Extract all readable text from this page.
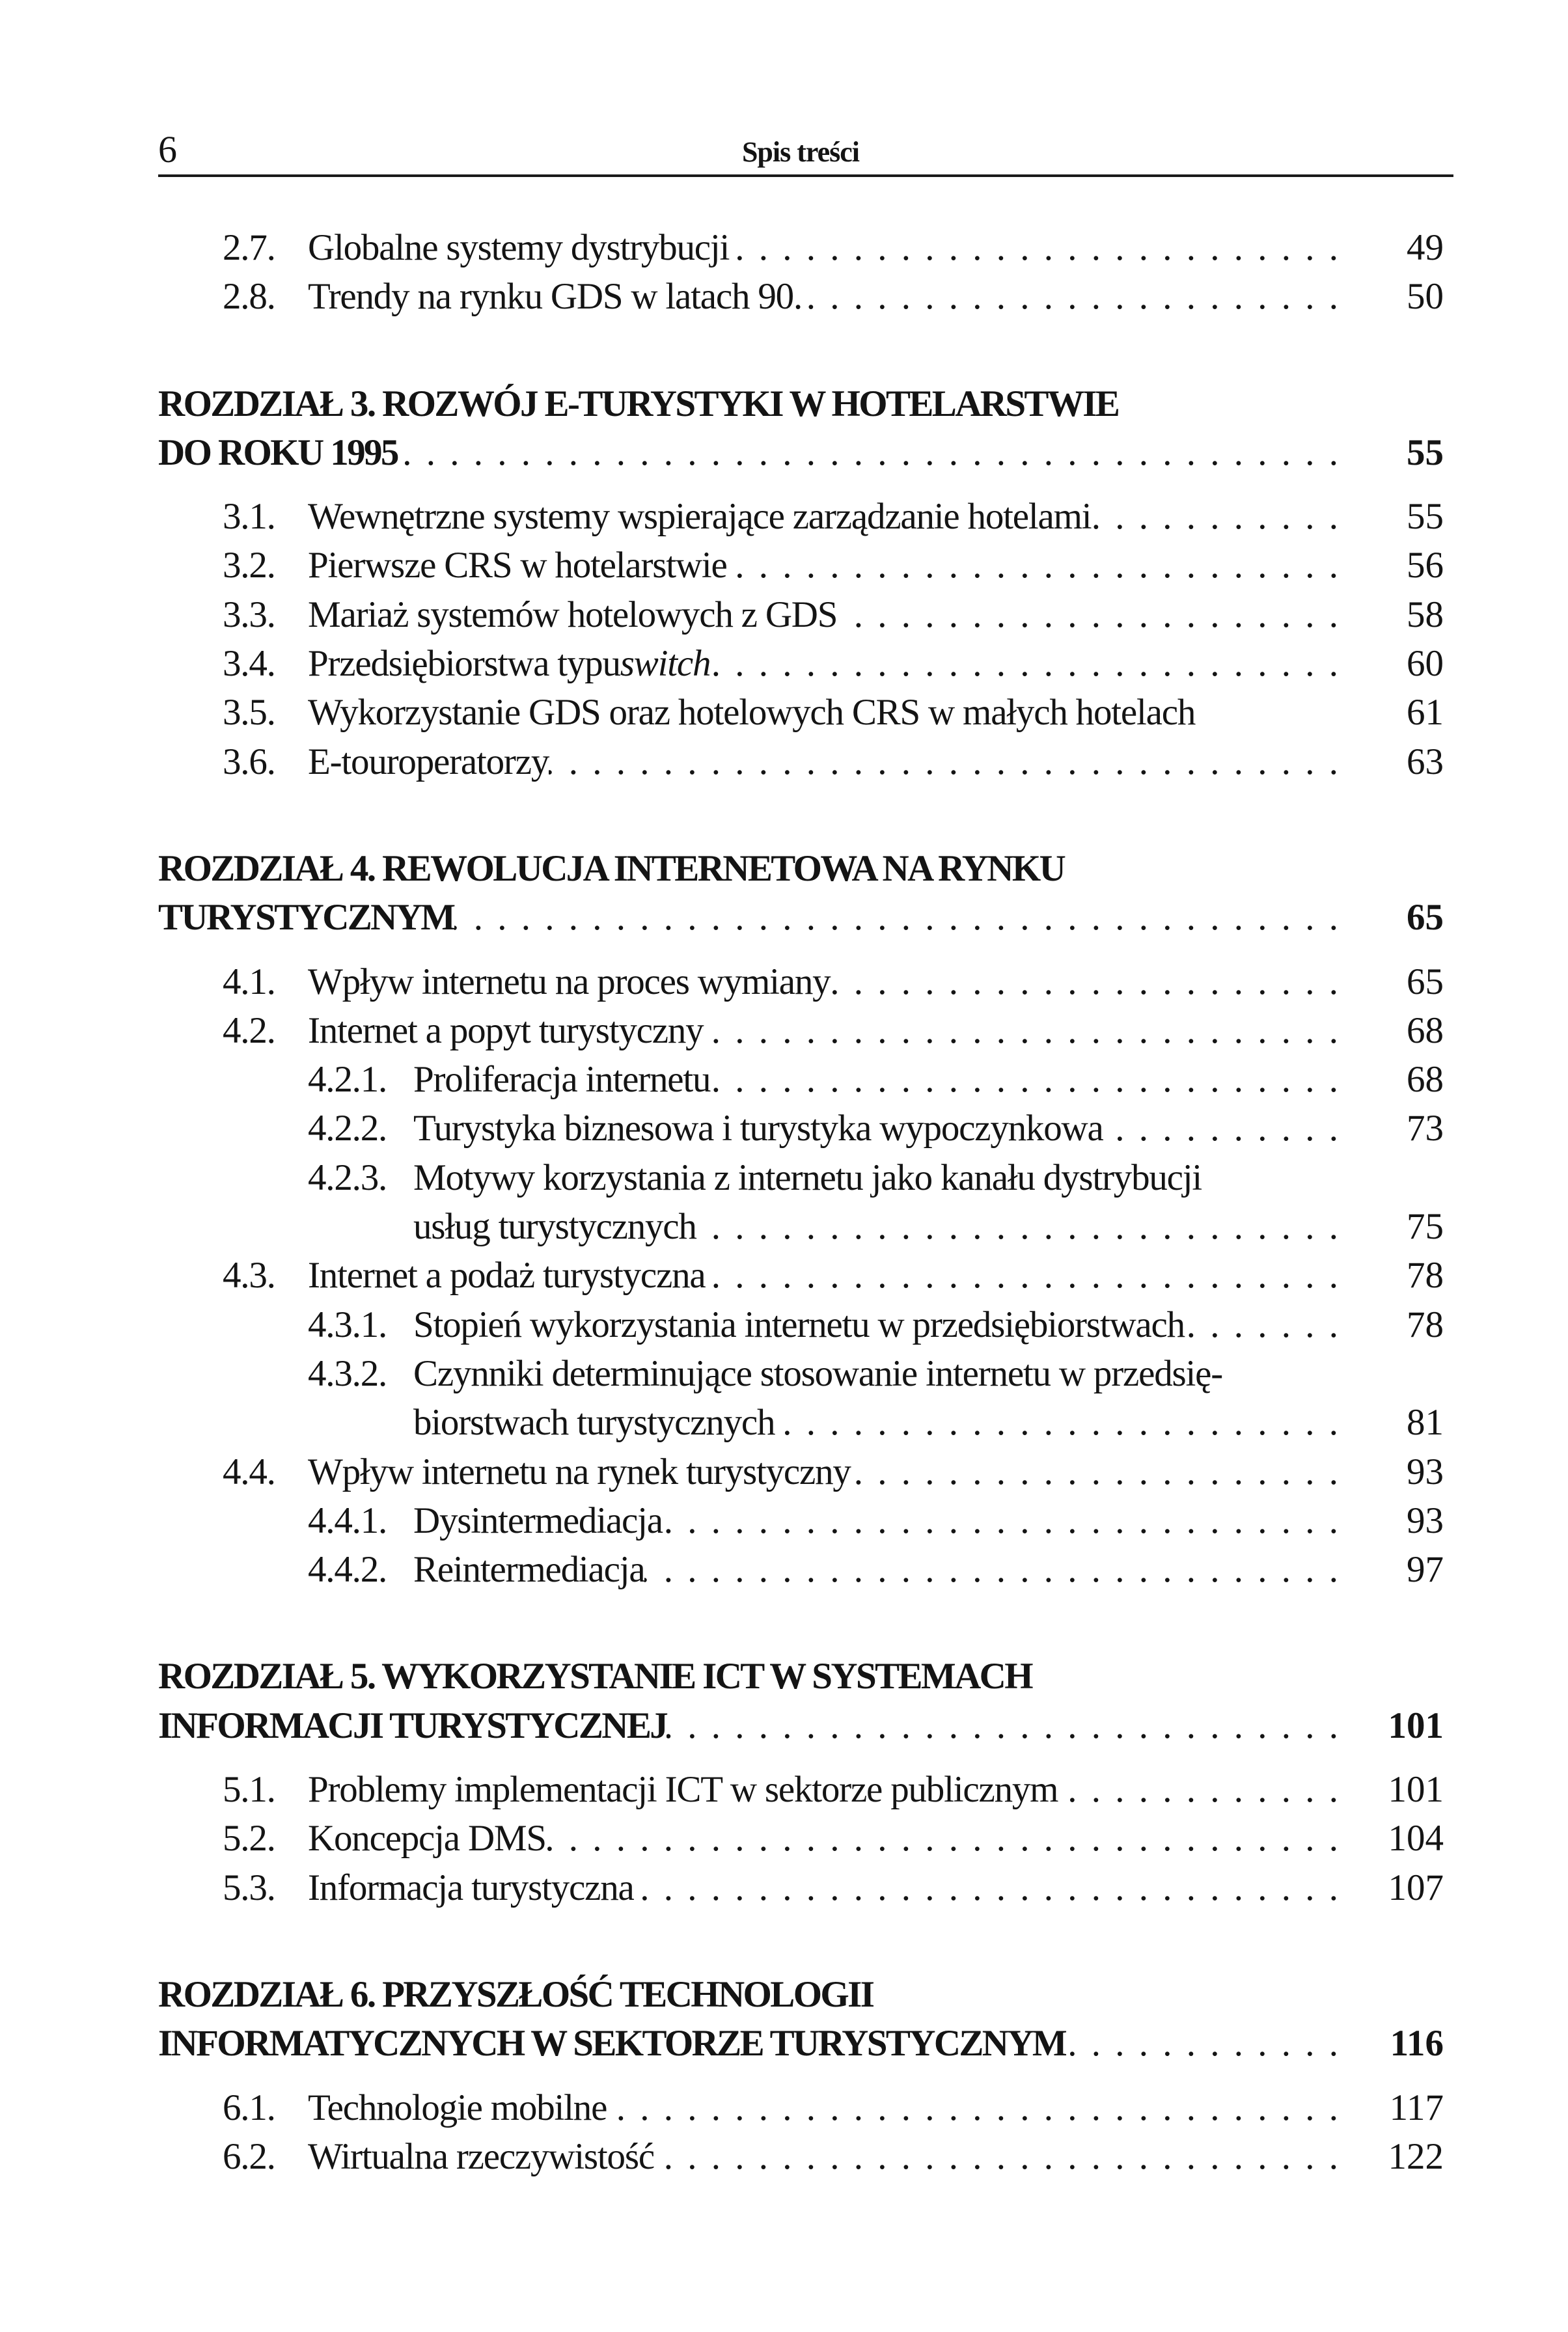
6	Spis treści
2.7. Globalne systemy dystrybucji . . .	49
2.8. Trendy na rynku GDS w latach 90. . . .	50
ROZDZIAŁ 3. ROZWÓJ E-TURYSTYKI W HOTELARSTWIE
DO ROKU 1995 . . .	55
3.1. Wewnętrzne systemy wspierające zarządzanie hotelami . . .	55
3.2. Pierwsze CRS w hotelarstwie . . .	56
3.3. Mariaż systemów hotelowych z GDS . . .	58
3.4. Przedsiębiorstwa typu switch . . .	60
3.5. Wykorzystanie GDS oraz hotelowych CRS w małych hotelach	61
3.6. E-touroperatorzy . . .	63
ROZDZIAŁ 4. REWOLUCJA INTERNETOWA NA RYNKU
TURYSTYCZNYM . . .	65
4.1. Wpływ internetu na proces wymiany . . .	65
4.2. Internet a popyt turystyczny . . .	68
4.2.1. Proliferacja internetu . . .	68
4.2.2. Turystyka biznesowa i turystyka wypoczynkowa . . .	73
4.2.3. Motywy korzystania z internetu jako kanału dystrybucji
usług turystycznych . . .	75
4.3. Internet a podaż turystyczna . . .	78
4.3.1. Stopień wykorzystania internetu w przedsiębiorstwach . . .	78
4.3.2. Czynniki determinujące stosowanie internetu w przedsię-
biorstwach turystycznych . . .	81
4.4. Wpływ internetu na rynek turystyczny . . .	93
4.4.1. Dysintermediacja . . .	93
4.4.2. Reintermediacja . . .	97
ROZDZIAŁ 5. WYKORZYSTANIE ICT W SYSTEMACH
INFORMACJI TURYSTYCZNEJ . . .	101
5.1. Problemy implementacji ICT w sektorze publicznym . . .	101
5.2. Koncepcja DMS . . .	104
5.3. Informacja turystyczna . . .	107
ROZDZIAŁ 6. PRZYSZŁOŚĆ TECHNOLOGII
INFORMATYCZNYCH W SEKTORZE TURYSTYCZNYM . . .	116
6.1. Technologie mobilne . . .	117
6.2. Wirtualna rzeczywistość . . .	122
